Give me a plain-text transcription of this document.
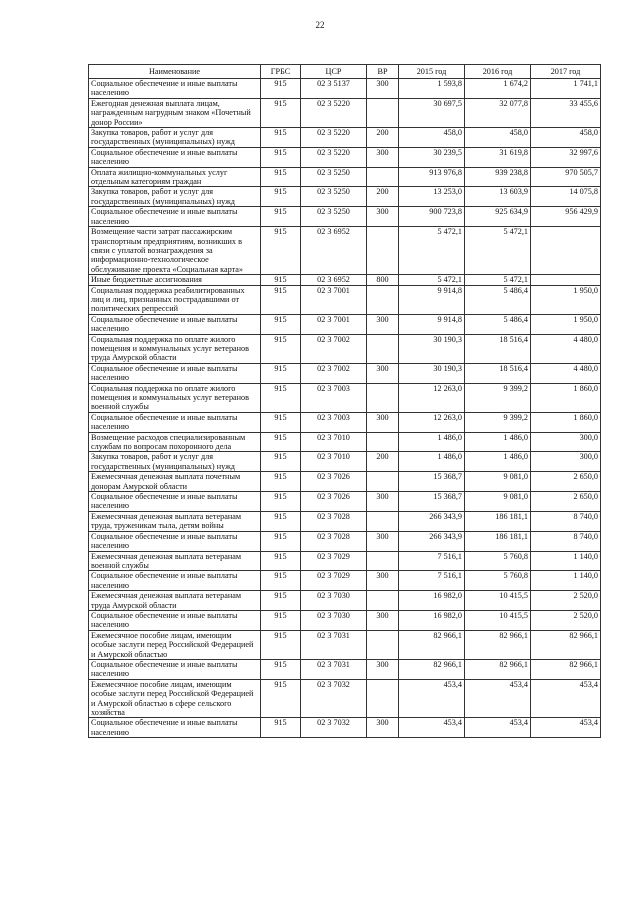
22
Наименование	ГРБС	ЦСР	ВР	2015 год	2016 год	2017 год
Социальное обеспечение и иные выплаты населению	915	02 3 5137	300	1 593,8	1 674,2	1 741,1
Ежегодная денежная выплата лицам, награжденным нагрудным знаком «Почетный донор России»	915	02 3 5220		30 697,5	32 077,8	33 455,6
Закупка товаров, работ и услуг для государственных (муниципальных) нужд	915	02 3 5220	200	458,0	458,0	458,0
Социальное обеспечение и иные выплаты населению	915	02 3 5220	300	30 239,5	31 619,8	32 997,6
Оплата жилищно-коммунальных услуг отдельным категориям граждан	915	02 3 5250		913 976,8	939 238,8	970 505,7
Закупка товаров, работ и услуг для государственных (муниципальных) нужд	915	02 3 5250	200	13 253,0	13 603,9	14 075,8
Социальное обеспечение и иные выплаты населению	915	02 3 5250	300	900 723,8	925 634,9	956 429,9
Возмещение части затрат пассажирским транспортным предприятиям, возникших в связи с уплатой вознаграждения за информационно-технологическое обслуживание проекта «Социальная карта»	915	02 3 6952		5 472,1	5 472,1	
Иные бюджетные ассигнования	915	02 3 6952	800	5 472,1	5 472,1	
Социальная поддержка реабилитированных лиц и лиц, признанных пострадавшими от политических репрессий	915	02 3 7001		9 914,8	5 486,4	1 950,0
Социальное обеспечение и иные выплаты населению	915	02 3 7001	300	9 914,8	5 486,4	1 950,0
Социальная поддержка по оплате жилого помещения и коммунальных услуг ветеранов труда Амурской области	915	02 3 7002		30 190,3	18 516,4	4 480,0
Социальное обеспечение и иные выплаты населению	915	02 3 7002	300	30 190,3	18 516,4	4 480,0
Социальная поддержка по оплате жилого помещения и коммунальных услуг ветеранов военной службы	915	02 3 7003		12 263,0	9 399,2	1 860,0
Социальное обеспечение и иные выплаты населению	915	02 3 7003	300	12 263,0	9 399,2	1 860,0
Возмещение расходов специализированным службам по вопросам похоронного дела	915	02 3 7010		1 486,0	1 486,0	300,0
Закупка товаров, работ и услуг для государственных (муниципальных) нужд	915	02 3 7010	200	1 486,0	1 486,0	300,0
Ежемесячная денежная выплата почетным донорам Амурской области	915	02 3 7026		15 368,7	9 081,0	2 650,0
Социальное обеспечение и иные выплаты населению	915	02 3 7026	300	15 368,7	9 081,0	2 650,0
Ежемесячная денежная выплата ветеранам труда, труженикам тыла, детям войны	915	02 3 7028		266 343,9	186 181,1	8 740,0
Социальное обеспечение и иные выплаты населению	915	02 3 7028	300	266 343,9	186 181,1	8 740,0
Ежемесячная денежная выплата ветеранам военной службы	915	02 3 7029		7 516,1	5 760,8	1 140,0
Социальное обеспечение и иные выплаты населению	915	02 3 7029	300	7 516,1	5 760,8	1 140,0
Ежемесячная денежная выплата ветеранам труда Амурской области	915	02 3 7030		16 982,0	10 415,5	2 520,0
Социальное обеспечение и иные выплаты населению	915	02 3 7030	300	16 982,0	10 415,5	2 520,0
Ежемесячное пособие лицам, имеющим особые заслуги перед Российской Федерацией и Амурской областью	915	02 3 7031		82 966,1	82 966,1	82 966,1
Социальное обеспечение и иные выплаты населению	915	02 3 7031	300	82 966,1	82 966,1	82 966,1
Ежемесячное пособие лицам, имеющим особые заслуги перед Российской Федерацией и Амурской областью в сфере сельского хозяйства	915	02 3 7032		453,4	453,4	453,4
Социальное обеспечение и иные выплаты населению	915	02 3 7032	300	453,4	453,4	453,4
